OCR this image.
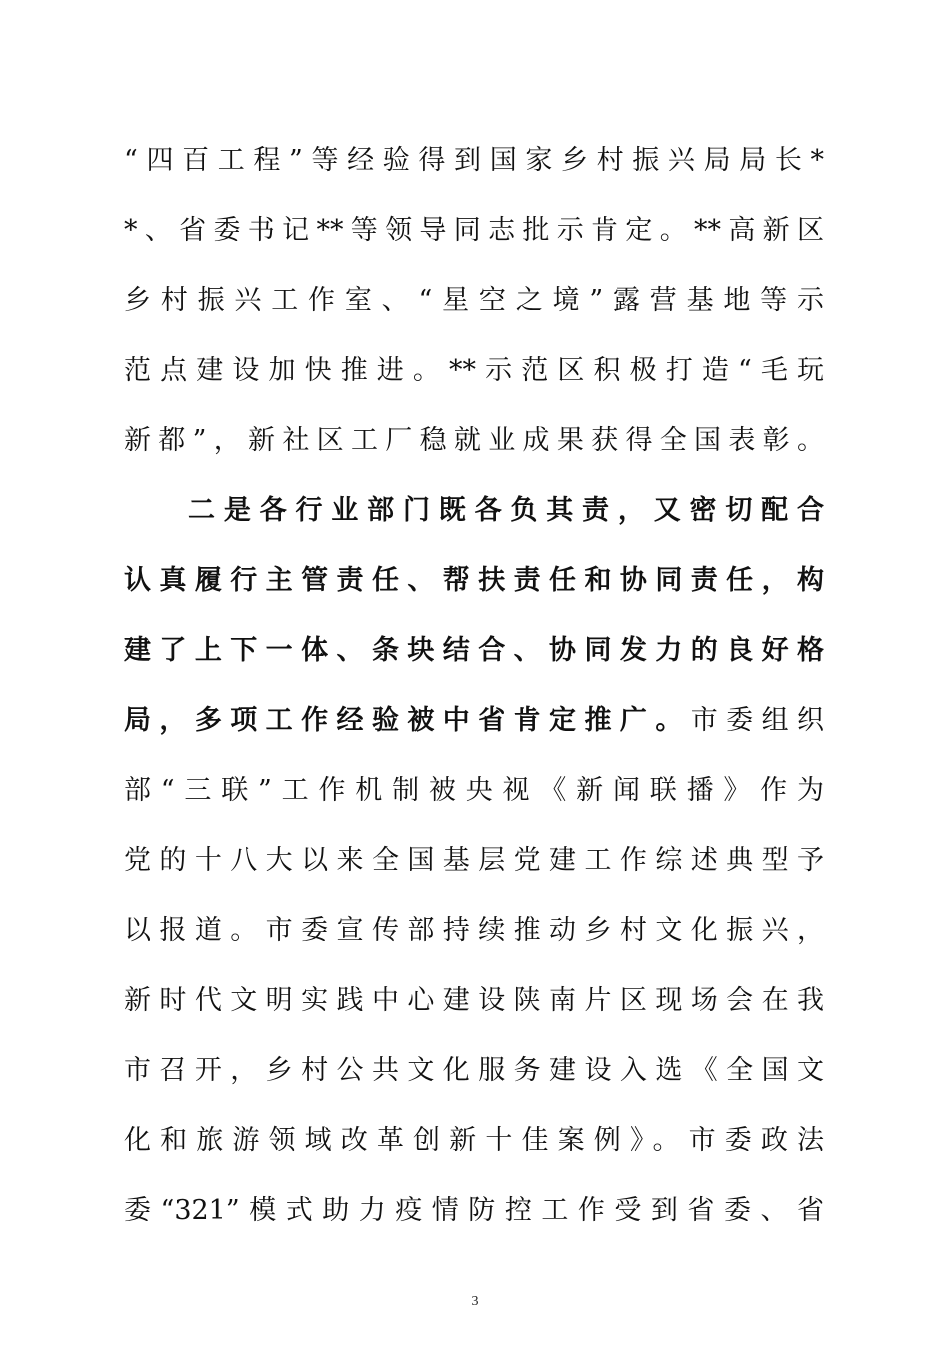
“四百工程”等经验得到国家乡村振兴局局长*
*、省委书记**等领导同志批示肯定。**高新区
乡村振兴工作室、“星空之境”露营基地等示
范点建设加快推进。**示范区积极打造“毛玩
新都”，新社区工厂稳就业成果获得全国表彰。
二是各行业部门既各负其责，又密切配合
认真履行主管责任、帮扶责任和协同责任，构
建了上下一体、条块结合、协同发力的良好格
局，多项工作经验被中省肯定推广。市委组织
部“三联”工作机制被央视《新闻联播》作为
党的十八大以来全国基层党建工作综述典型予
以报道。市委宣传部持续推动乡村文化振兴，
新时代文明实践中心建设陕南片区现场会在我
市召开，乡村公共文化服务建设入选《全国文
化和旅游领域改革创新十佳案例》。市委政法
委“321”模式助力疫情防控工作受到省委、省
3
